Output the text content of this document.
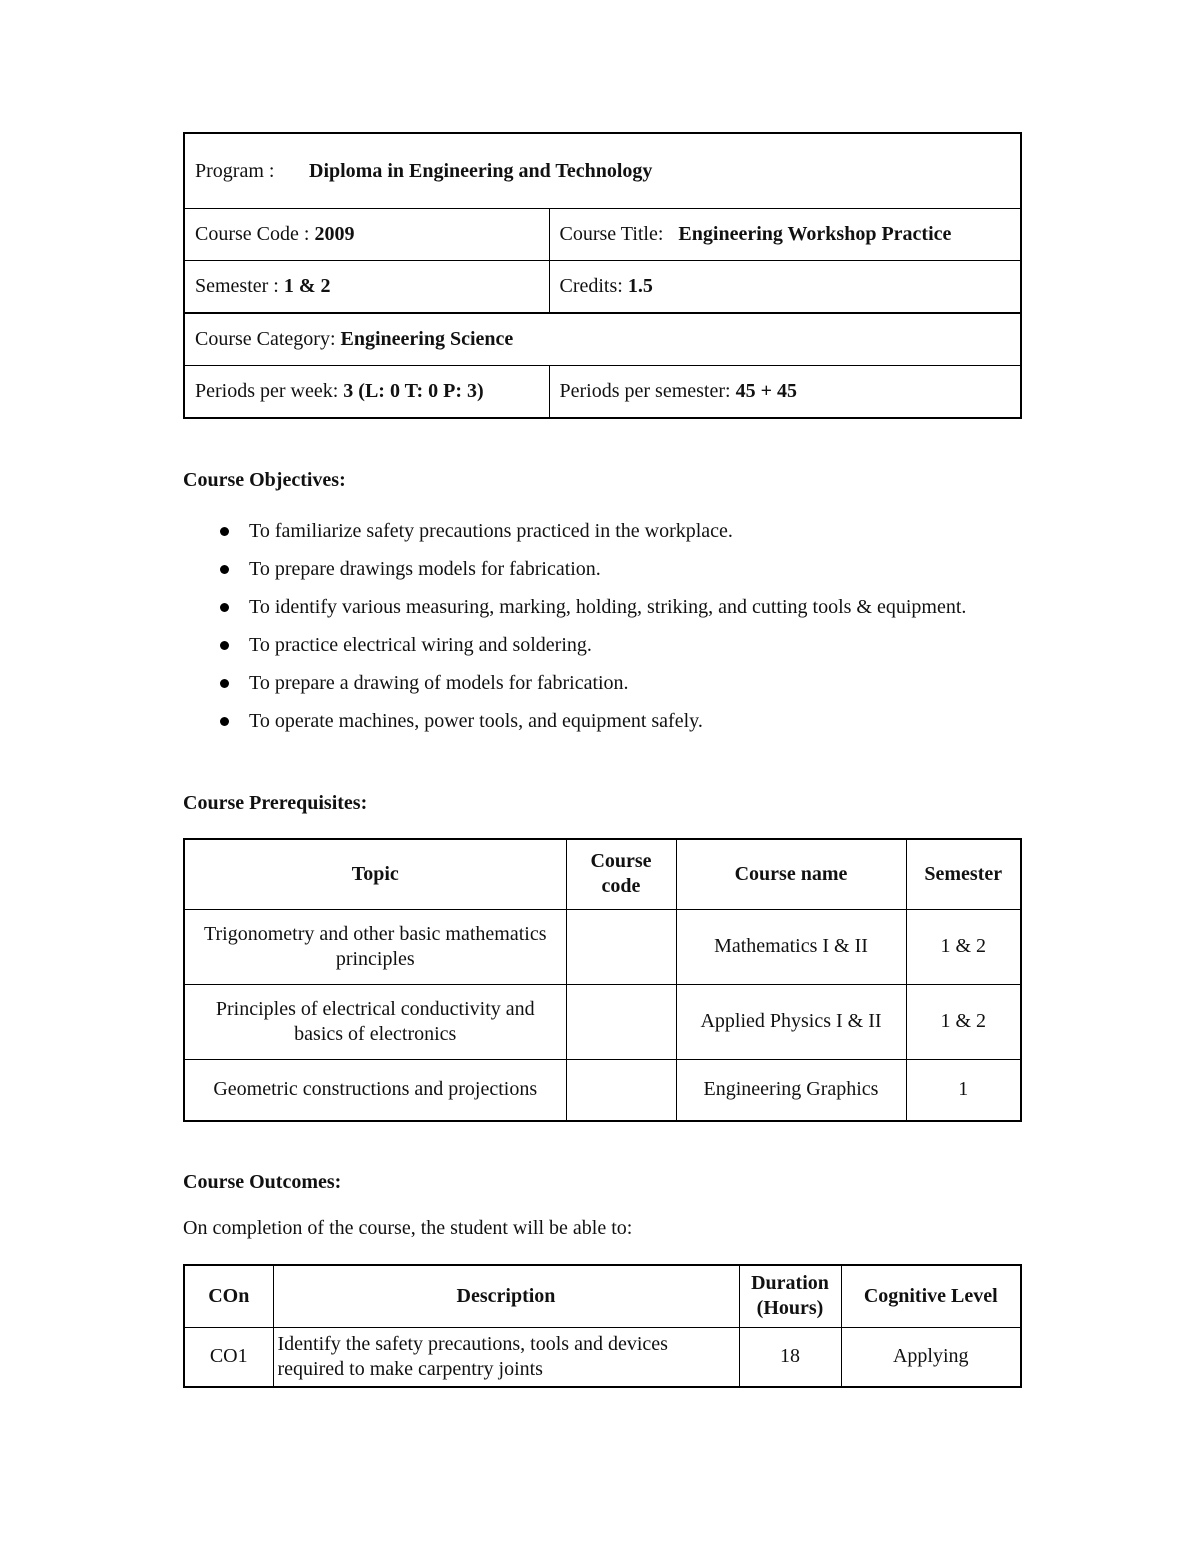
Program : Diploma in Engineering and Technology	
Course Code : 2009	Course Title: Engineering Workshop Practice
Semester : 1 & 2	Credits: 1.5
Course Category: Engineering Science	
Periods per week: 3 (L: 0 T: 0 P: 3)	Periods per semester: 45 + 45
Course Objectives:
To familiarize safety precautions practiced in the workplace.
To prepare drawings models for fabrication.
To identify various measuring, marking, holding, striking, and cutting tools & equipment.
To practice electrical wiring and soldering.
To prepare a drawing of models for fabrication.
To operate machines, power tools, and equipment safely.
Course Prerequisites:
Topic	Course code	Course name	Semester
Trigonometry and other basic mathematics principles		Mathematics I & II	1 & 2
Principles of electrical conductivity and basics of electronics		Applied Physics I & II	1 & 2
Geometric constructions and projections		Engineering Graphics	1
Course Outcomes:

On completion of the course, the student will be able to:

COn	Description	Duration (Hours)	Cognitive Level
CO1	Identify the safety precautions, tools and devices required to make carpentry joints	18	Applying
